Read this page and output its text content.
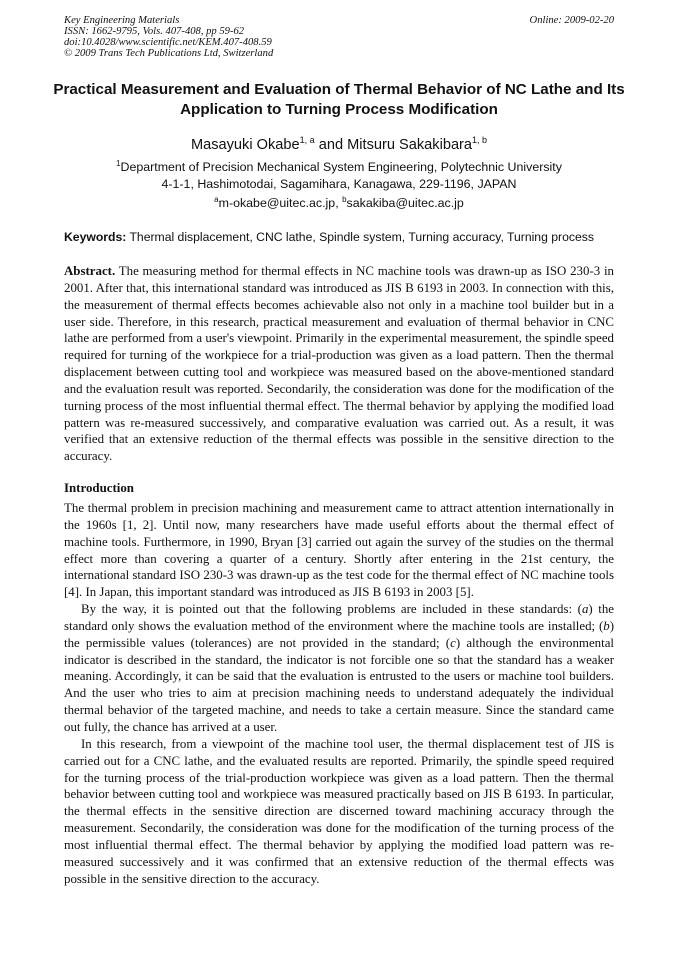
Key Engineering Materials
ISSN: 1662-9795, Vols. 407-408, pp 59-62
doi:10.4028/www.scientific.net/KEM.407-408.59
© 2009 Trans Tech Publications Ltd, Switzerland
Online: 2009-02-20
Practical Measurement and Evaluation of Thermal Behavior of NC Lathe and Its Application to Turning Process Modification
Masayuki Okabe$^{1, a}$ and Mitsuru Sakakibara$^{1, b}$
$^1$Department of Precision Mechanical System Engineering, Polytechnic University
4-1-1, Hashimotodai, Sagamihara, Kanagawa, 229-1196, JAPAN
$^a$m-okabe@uitec.ac.jp, $^b$sakakiba@uitec.ac.jp
Keywords: Thermal displacement, CNC lathe, Spindle system, Turning accuracy, Turning process

Abstract. The measuring method for thermal effects in NC machine tools was drawn-up as ISO 230-3 in 2001. After that, this international standard was introduced as JIS B 6193 in 2003. In connection with this, the measurement of thermal effects becomes achievable also not only in a machine tool builder but in a user side. Therefore, in this research, practical measurement and evaluation of thermal behavior in CNC lathe are performed from a user's viewpoint. Primarily in the experimental measurement, the spindle speed required for turning of the workpiece for a trial-production was given as a load pattern. Then the thermal displacement between cutting tool and workpiece was measured based on the above-mentioned standard and the evaluation result was reported. Secondarily, the consideration was done for the modification of the turning process of the most influential thermal effect. The thermal behavior by applying the modified load pattern was re-measured successively, and comparative evaluation was carried out. As a result, it was verified that an extensive reduction of the thermal effects was possible in the sensitive direction to the accuracy.

Introduction

The thermal problem in precision machining and measurement came to attract attention internationally in the 1960s [1, 2]. Until now, many researchers have made useful efforts about the thermal effect of machine tools. Furthermore, in 1990, Bryan [3] carried out again the survey of the studies on the thermal effect more than covering a quarter of a century. Shortly after entering in the 21st century, the international standard ISO 230-3 was drawn-up as the test code for the thermal effect of NC machine tools [4]. In Japan, this important standard was introduced as JIS B 6193 in 2003 [5].

By the way, it is pointed out that the following problems are included in these standards: (a) the standard only shows the evaluation method of the environment where the machine tools are installed; (b) the permissible values (tolerances) are not provided in the standard; (c) although the environmental indicator is described in the standard, the indicator is not forcible one so that the standard has a weaker meaning. Accordingly, it can be said that the evaluation is entrusted to the users or machine tool builders. And the user who tries to aim at precision machining needs to understand adequately the individual thermal behavior of the targeted machine, and needs to take a certain measure. Since the standard came out fully, the chance has arrived at a user.

In this research, from a viewpoint of the machine tool user, the thermal displacement test of JIS is carried out for a CNC lathe, and the evaluated results are reported. Primarily, the spindle speed required for the turning process of the trial-production workpiece was given as a load pattern. Then the thermal behavior between cutting tool and workpiece was measured practically based on JIS B 6193. In particular, the thermal effects in the sensitive direction are discerned toward machining accuracy through the measurement. Secondarily, the consideration was done for the modification of the turning process of the most influential thermal effect. The thermal behavior by applying the modified load pattern was re-measured successively and it was confirmed that an extensive reduction of the thermal effects was possible in the sensitive direction to the accuracy.
